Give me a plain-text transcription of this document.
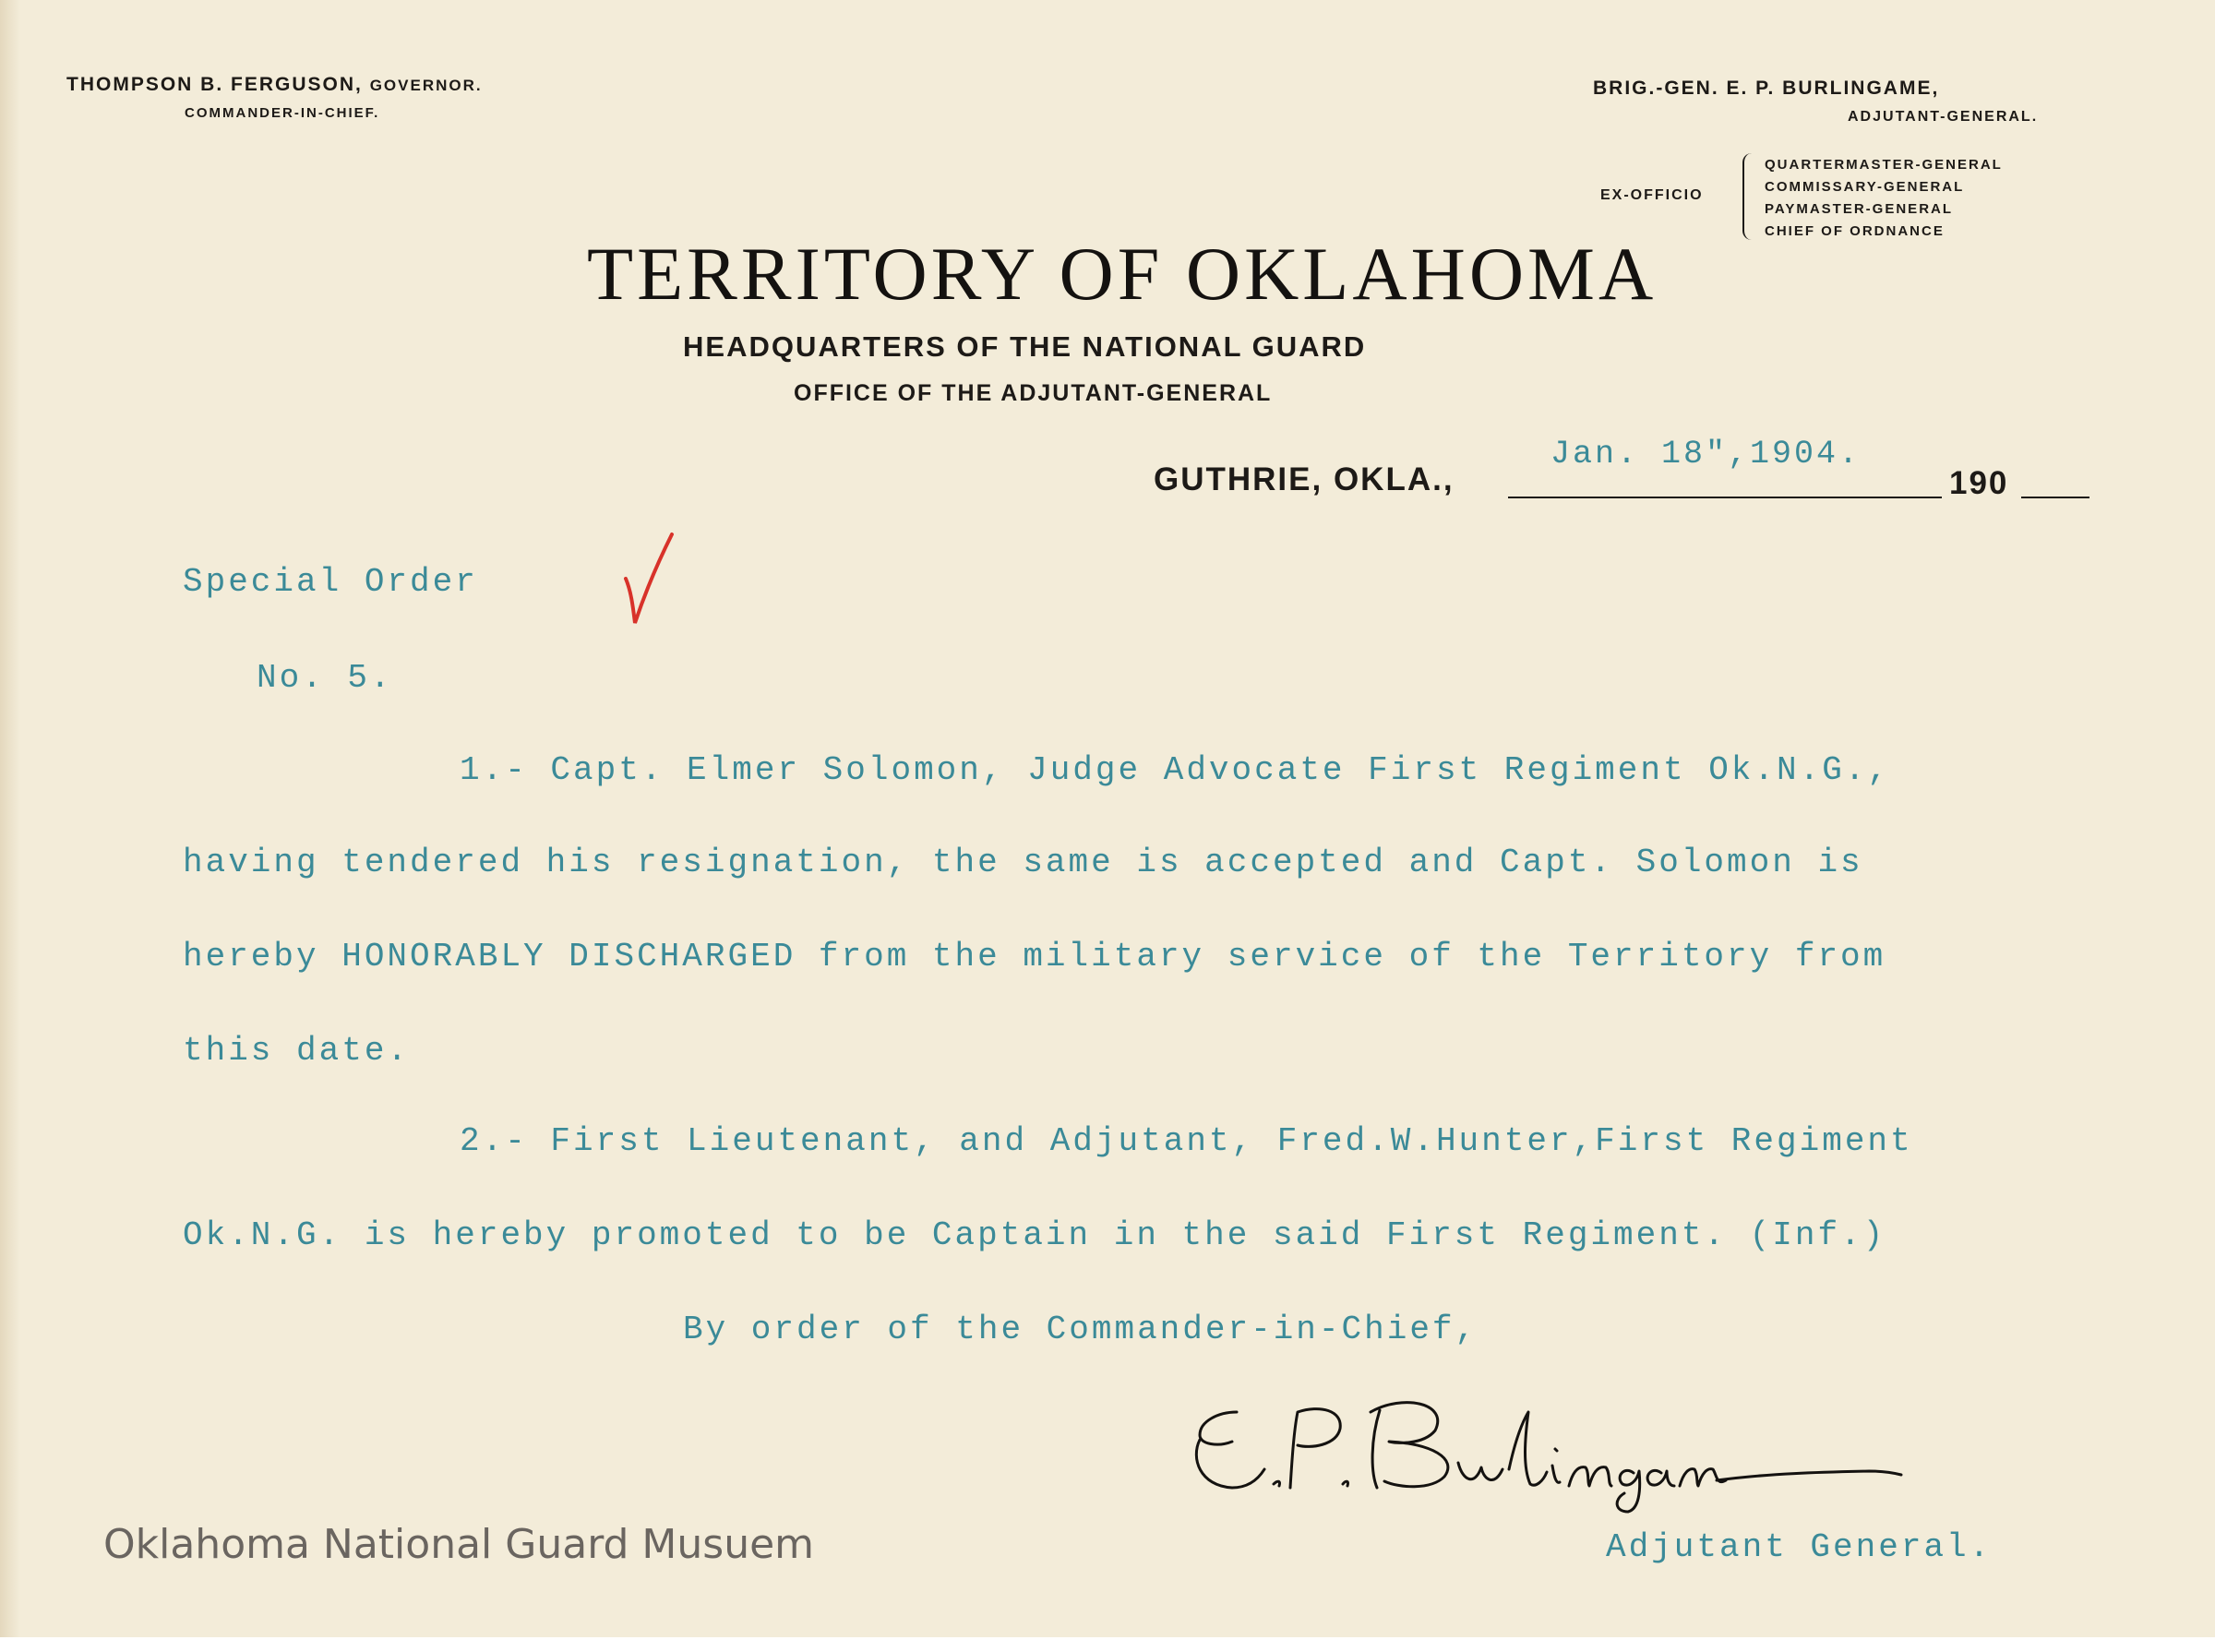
THOMPSON B. FERGUSON, GOVERNOR.
COMMANDER-IN-CHIEF.
BRIG.-GEN. E. P. BURLINGAME,
ADJUTANT-GENERAL.
EX-OFFICIO
QUARTERMASTER-GENERAL
COMMISSARY-GENERAL
PAYMASTER-GENERAL
CHIEF OF ORDNANCE
TERRITORY OF OKLAHOMA
HEADQUARTERS OF THE NATIONAL GUARD
OFFICE OF THE ADJUTANT-GENERAL
GUTHRIE, OKLA.,	190
Jan. 18",1904.
Special Order
No. 5.
1.- Capt. Elmer Solomon, Judge Advocate First Regiment Ok.N.G.,
having tendered his resignation, the same is accepted and Capt. Solomon is
hereby HONORABLY DISCHARGED from the military service of the Territory from
this date.
2.- First Lieutenant, and Adjutant, Fred.W.Hunter,First Regiment
Ok.N.G. is hereby promoted to be Captain in the said First Regiment. (Inf.)
By order of the Commander-in-Chief,
Adjutant General.
Oklahoma National Guard Musuem
